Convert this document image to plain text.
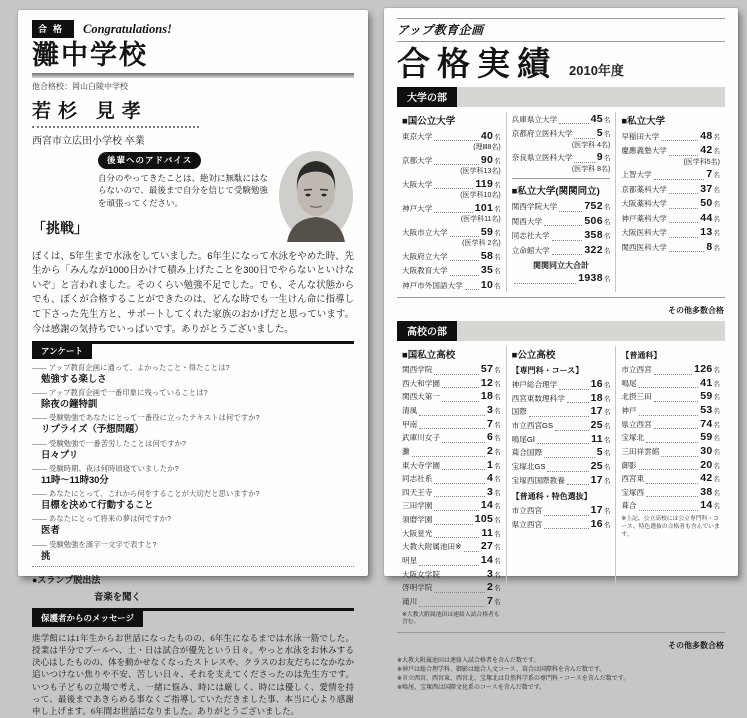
合格	Congratulations!
灘中学校
他合格校：岡山白陵中学校
若杉 見孝
西宮市立広田小学校 卒業
「挑戦」
後輩へのアドバイス
自分のやってきたことは、絶対に無駄にはならないので、最後まで自分を信じて受験勉強を頑張ってください。

ぼくは、5年生まで水泳をしていました。6年生になって水泳をやめた時、先生から「みんなが1000日かけて積み上げたことを300日でやらないといけないぞ」と言われました。そのくらい勉強不足でした。でも、そんな状態からでも、ぼくが合格することができたのは、どんな時でも一生けん命に指導して下さった先生方と、サポートしてくれた家族のおかげだと思っています。今は感謝の気持ちでいっぱいです。ありがとうございました。

アンケート
―― アップ教育企画に通って、よかったこと・得たことは?
勉強する楽しさ
―― アップ教育企画で一番印象に残っていることは?
除夜の鐘特訓
―― 受験勉強であなたにとって一番役に立ったテキストは何ですか?
リプライズ（予想問題）
―― 受験勉強で一番苦労したことは何ですか?
日々プリ
―― 受験時期、夜は何時頃寝ていましたか?
11時〜11時30分
―― あなたにとって、これから何をすることが大切だと思いますか?
目標を決めて行動すること
―― あなたにとって将来の夢は何ですか?
医者
―― 受験勉強を漢字一文字で表すと?
挑
●スランプ脱出法
音楽を聞く
保護者からのメッセージ

進学館には1年生からお世話になったものの、6年生になるまでは水泳一筋でした。授業は半分でプールへ、土・日は試合が優先という日々。やっと水泳をお休みする決心はしたものの、体を動かせなくなったストレスや、クラスのお友だちになかなか追いつけない焦りや不安、苦しい日々、それを支えてくださったのは先生方です。いつも子どもの立場で考え、一緒に悩み、時には厳しく、時には優しく、愛情を持って、最後まであきらめる事なくご指導していただきました事、本当に心より感謝申し上げます。6年間お世話になりました。ありがとうございました。

アップ教育企画
合格実績 2010年度
大学の部
■国公立大学
東京大学	40 名
(理Ⅲ8名)
京都大学	90 名
(医学科13名)
大阪大学	119 名
(医学科10名)
神戸大学	101 名
(医学科11名)
大阪市立大学	59 名
(医学科 2名)
大阪府立大学	58 名
大阪教育大学	35 名
神戸市外国語大学 10 名
兵庫県立大学	45 名
京都府立医科大学 5 名
(医学科 4名)
奈良県立医科大学 9 名
(医学科 8名)
■私立大学(関関同立)
関西学院大学	752 名
関西大学	506 名
同志社大学	358 名
立命館大学	322 名
関関同立大合計
1938 名
■私立大学
早稲田大学	48 名
慶應義塾大学	42 名
(医学科5名)
上智大学	7 名
京都薬科大学	37 名
大阪薬科大学	50 名
神戸薬科大学	44 名
大阪医科大学	13 名
関西医科大学	8 名
その他多数合格
高校の部
■国私立高校
関西学院	57 名
西大和学園	12 名
関西大第一	18 名
清風	3 名
甲南	7 名
武庫川女子	6 名
灘	2 名
東大寺学園	1 名
同志社系	4 名
四天王寺	3 名
三田学園	14 名
須磨学園	105 名
大阪星光	11 名
大教大附属池田※ 27 名
明星	14 名
大阪女学院	3 名
啓明学院	2 名
滝川	7 名
※大教大附属池田は連絡入試合格者も含む。
■公立高校
【専門科・コース】
神戸総合理学	16 名
西宮東数理科学 18 名
国際	17 名
市立西宮GS	25 名
鳴尾GⅠ	11 名
葺合国際	5 名
宝塚北GS	25 名
宝塚西国際教養 17 名
【普通科・特色選抜】
市立西宮	17 名
県立西宮	16 名
【普通科】
市立西宮	126 名
鳴尾	41 名
北摂三田	59 名
神戸	53 名
県立西宮	74 名
宝塚北	59 名
三田祥雲館	30 名
御影	20 名
西宮東	42 名
宝塚西	38 名
葺合	14 名
※上記、公立高校には公立専門科・コース、特色選抜の合格者も含んでいます。
その他多数合格
※大教大附属池田は連絡入試合格者を含んだ数です。
※神戸は総合理学科、御影は総合人文コース、葺合は国際科を含んだ数です。
※市立西宮、西宮東、西宮北、宝塚北は自然科学系の専門科・コースを含んだ数です。
※鳴尾、宝塚西は国際文化系のコースを含んだ数です。
